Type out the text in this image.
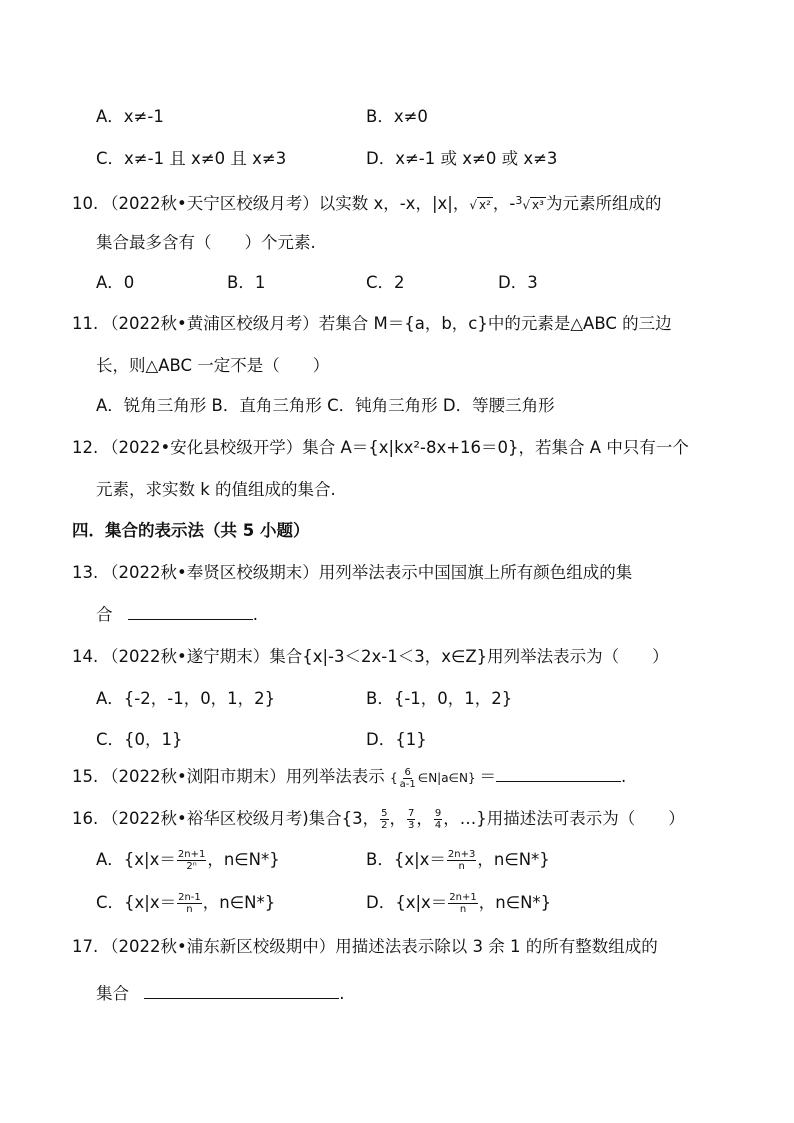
A．x≠-1	B．x≠0
C．x≠-1 且 x≠0 且 x≠3	D．x≠-1 或 x≠0 或 x≠3
10. （2022秋•天宁区校级月考）以实数 x，-x，|x|，√ x² ，-$^3$√ x³ 为元素所组成的
集合最多含有（　　）个元素.
A．0	B．1	C．2	D．3
11. （2022秋•黄浦区校级月考）若集合 M＝{a，b，c}中的元素是△ABC 的三边
长，则△ABC 一定不是（　　）
A．锐角三角形 B．直角三角形 C．钝角三角形 D．等腰三角形
12. （2022•安化县校级开学）集合 A＝{x|kx²-8x+16＝0}，若集合 A 中只有一个
元素，求实数 k 的值组成的集合.
四．集合的表示法（共 5 小题）
13. （2022秋•奉贤区校级期末）用列举法表示中国国旗上所有颜色组成的集
合	.
14. （2022秋•遂宁期末）集合{x|-3＜2x-1＜3，x∈Z}用列举法表示为（　　）
A．{-2，-1，0，1，2}	B．{-1，0，1，2}
C．{0，1}	D．{1}
15. （2022秋•浏阳市期末）用列举法表示 { $\frac{6}{a-1}$ ∈N|a∈N} ＝	.
16. （2022秋•裕华区校级月考)集合{3， $\frac{5}{2}$ ， $\frac{7}{3}$ ， $\frac{9}{4}$ ，…}用描述法可表示为（　　）
A．{$x|x= \frac{2n+1}{\text{2ⁿ}}$ ，n∈N*}	B．{$x|x= \frac{2n+3}{n}$ ，n∈N*}
C．{$x|x= \frac{2n-1}{n}$ ，n∈N*}	D．{$x|x= \frac{2n+1}{n}$ ，n∈N*}
17. （2022秋•浦东新区校级期中）用描述法表示除以 3 余 1 的所有整数组成的
集合	.
